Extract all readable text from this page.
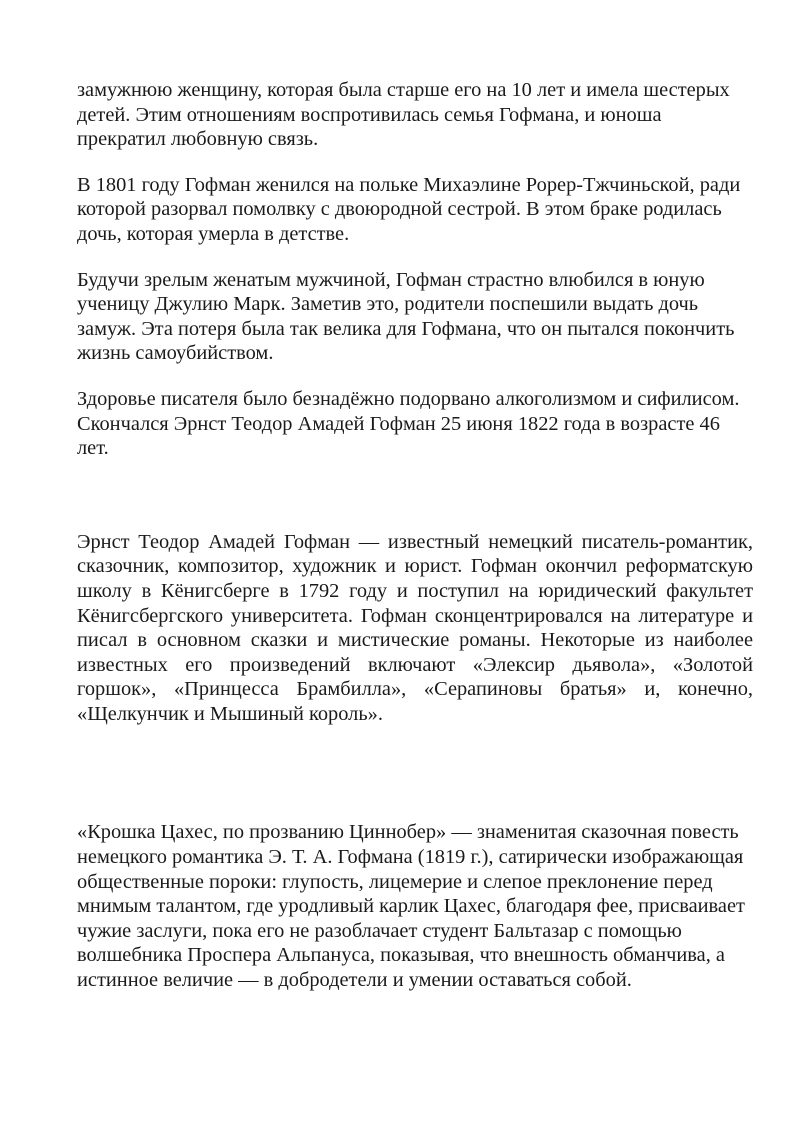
замужнюю женщину, которая была старше его на 10 лет и имела шестерых детей. Этим отношениям воспротивилась семья Гофмана, и юноша прекратил любовную связь.

В 1801 году Гофман женился на польке Михаэлине Рорер-Тжчиньской, ради которой разорвал помолвку с двоюродной сестрой. В этом браке родилась дочь, которая умерла в детстве.

Будучи зрелым женатым мужчиной, Гофман страстно влюбился в юную ученицу Джулию Марк. Заметив это, родители поспешили выдать дочь замуж. Эта потеря была так велика для Гофмана, что он пытался покончить жизнь самоубийством.

Здоровье писателя было безнадёжно подорвано алкоголизмом и сифилисом. Скончался Эрнст Теодор Амадей Гофман 25 июня 1822 года в возрасте 46 лет.

Эрнст Теодор Амадей Гофман — известный немецкий писатель-романтик, сказочник, композитор, художник и юрист. Гофман окончил реформатскую школу в Кёнигсберге в 1792 году и поступил на юридический факультет Кёнигсбергского университета. Гофман сконцентрировался на литературе и писал в основном сказки и мистические романы. Некоторые из наиболее известных его произведений включают «Элексир дьявола», «Золотой горшок», «Принцесса Брамбилла», «Серапиновы братья» и, конечно, «Щелкунчик и Мышиный король».

«Крошка Цахес, по прозванию Циннобер» — знаменитая сказочная повесть немецкого романтика Э. Т. А. Гофмана (1819 г.), сатирически изображающая общественные пороки: глупость, лицемерие и слепое преклонение перед мнимым талантом, где уродливый карлик Цахес, благодаря фее, присваивает чужие заслуги, пока его не разоблачает студент Бальтазар с помощью волшебника Проспера Альпануса, показывая, что внешность обманчива, а истинное величие — в добродетели и умении оставаться собой.
